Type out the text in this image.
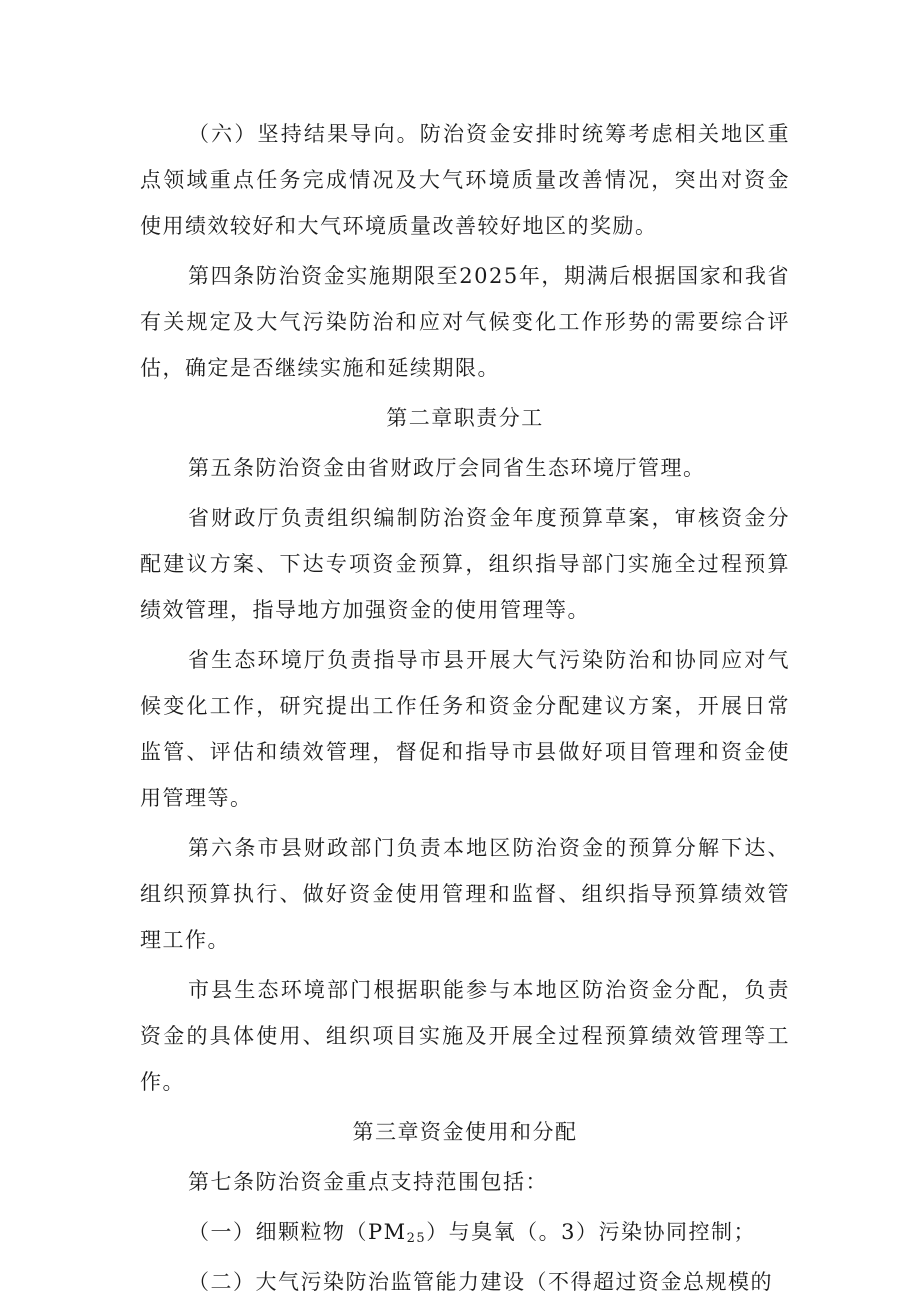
（六）坚持结果导向。防治资金安排时统筹考虑相关地区重点领域重点任务完成情况及大气环境质量改善情况，突出对资金使用绩效较好和大气环境质量改善较好地区的奖励。

第四条防治资金实施期限至2025年，期满后根据国家和我省有关规定及大气污染防治和应对气候变化工作形势的需要综合评估，确定是否继续实施和延续期限。

第二章职责分工

第五条防治资金由省财政厅会同省生态环境厅管理。

省财政厅负责组织编制防治资金年度预算草案，审核资金分配建议方案、下达专项资金预算，组织指导部门实施全过程预算绩效管理，指导地方加强资金的使用管理等。

省生态环境厅负责指导市县开展大气污染防治和协同应对气候变化工作，研究提出工作任务和资金分配建议方案，开展日常监管、评估和绩效管理，督促和指导市县做好项目管理和资金使用管理等。

第六条市县财政部门负责本地区防治资金的预算分解下达、组织预算执行、做好资金使用管理和监督、组织指导预算绩效管理工作。

市县生态环境部门根据职能参与本地区防治资金分配，负责资金的具体使用、组织项目实施及开展全过程预算绩效管理等工作。

第三章资金使用和分配

第七条防治资金重点支持范围包括：

（一）细颗粒物$(PM_{25})$与臭氧（。3）污染协同控制；

（二）大气污染防治监管能力建设（不得超过资金总规模的
